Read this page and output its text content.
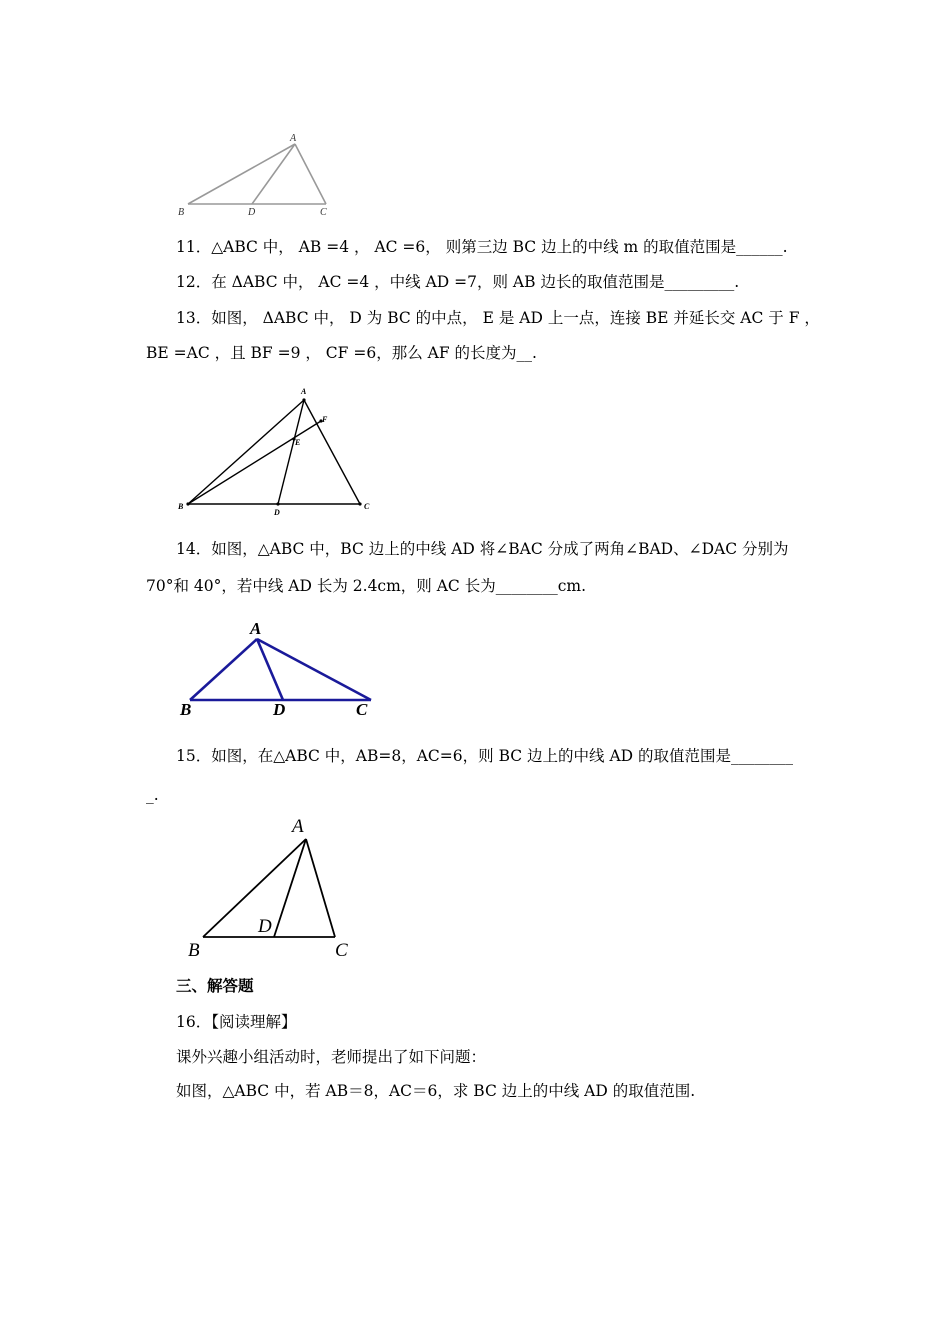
A
B	D	C
11．△ABC 中， AB =4 ， AC =6， 则第三边 BC 边上的中线 m 的取值范围是______.
12．在 ΔABC 中， AC =4 ，中线 AD =7，则 AB 边长的取值范围是_________.
13．如图， ΔABC 中， D 为 BC 的中点， E 是 AD 上一点，连接 BE 并延长交 AC 于 F ，
BE =AC ，且 BF =9 ， CF =6，那么 AF 的长度为__.
A
F
E
B
D
C
14．如图，△ABC 中，BC 边上的中线 AD 将∠BAC 分成了两角∠BAD、∠DAC 分别为
70°和 40°，若中线 AD 长为 2.4cm，则 AC 长为________cm.
A
B	D	C
15．如图，在△ABC 中，AB=8，AC=6，则 BC 边上的中线 AD 的取值范围是________
_.
A
D
B	C
三、解答题
16．【阅读理解】
课外兴趣小组活动时，老师提出了如下问题：
如图，△ABC 中，若 AB＝8，AC＝6，求 BC 边上的中线 AD 的取值范围.
